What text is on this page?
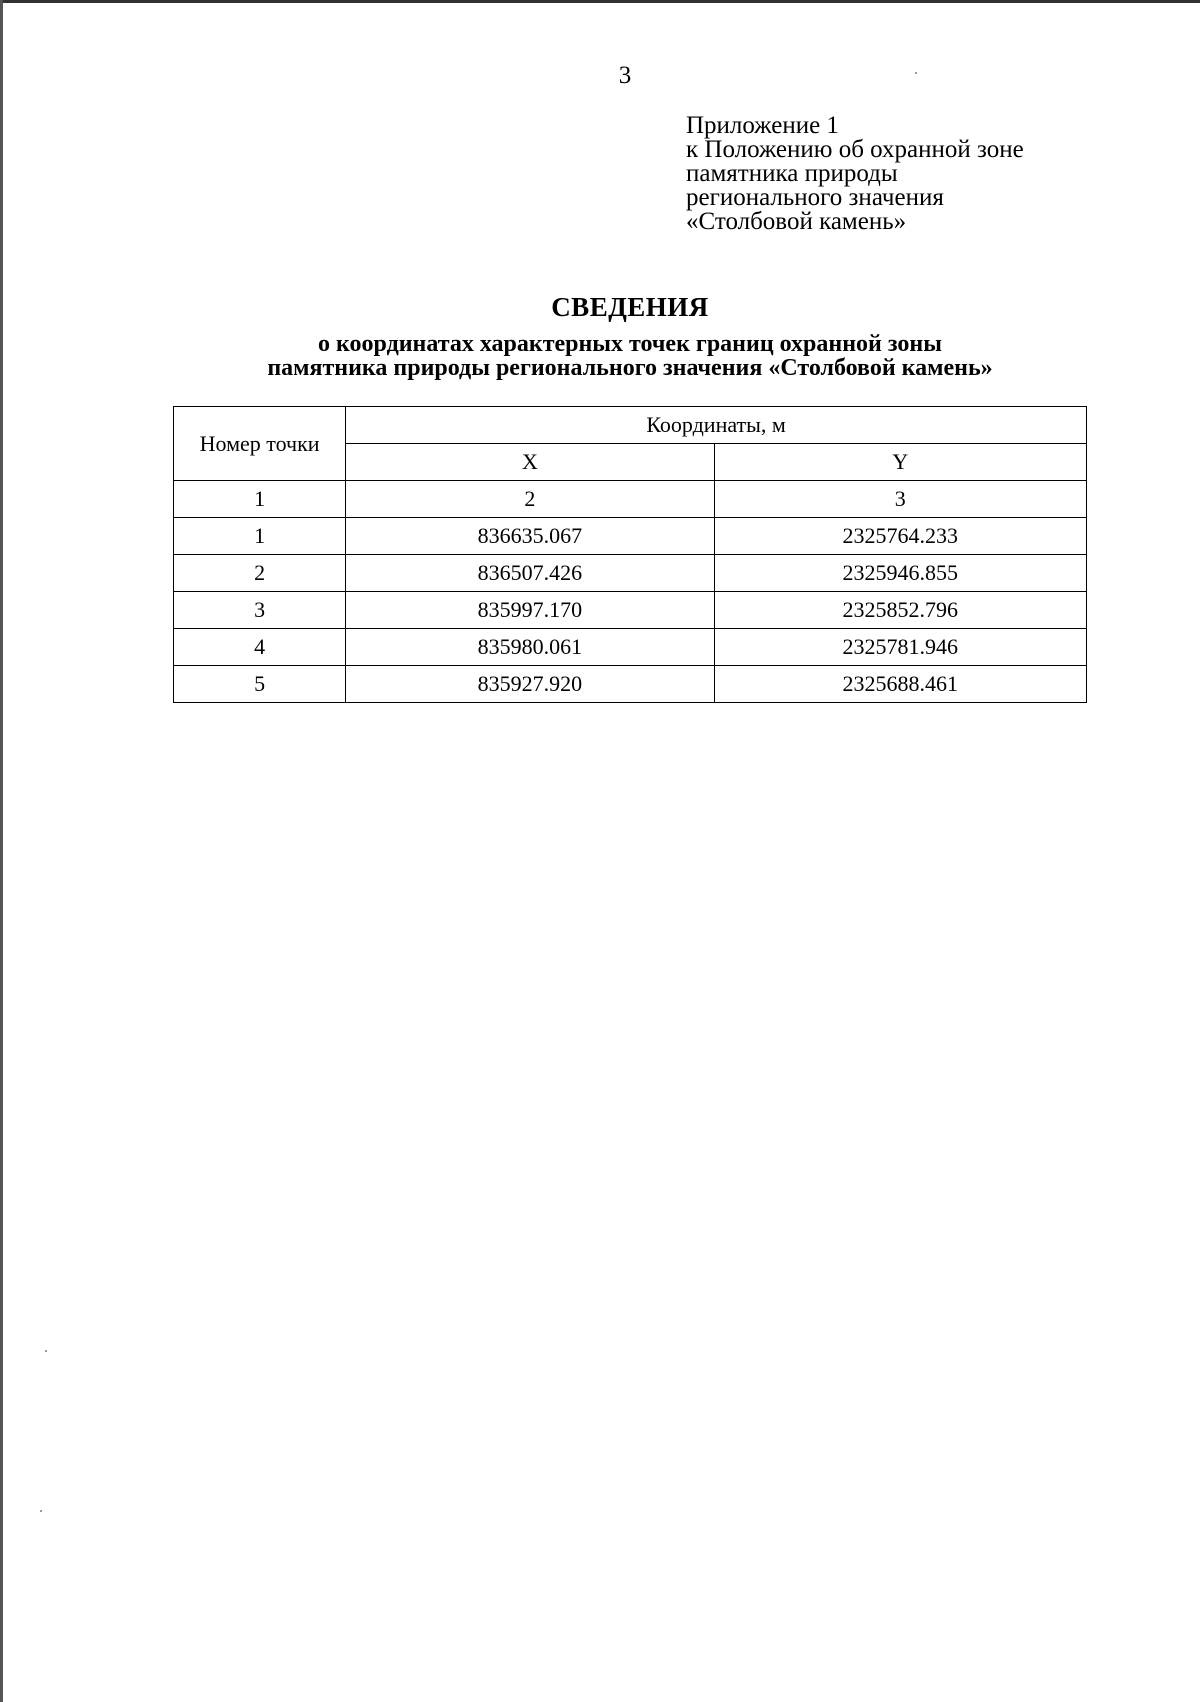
3
Приложение 1
к Положению об охранной зоне
памятника природы
регионального значения
«Столбовой камень»
СВЕДЕНИЯ
о координатах характерных точек границ охранной зоны
памятника природы регионального значения «Столбовой камень»
Номер точки	Координаты, м	
	X	Y
1	2	3
1	836635.067	2325764.233
2	836507.426	2325946.855
3	835997.170	2325852.796
4	835980.061	2325781.946
5	835927.920	2325688.461
